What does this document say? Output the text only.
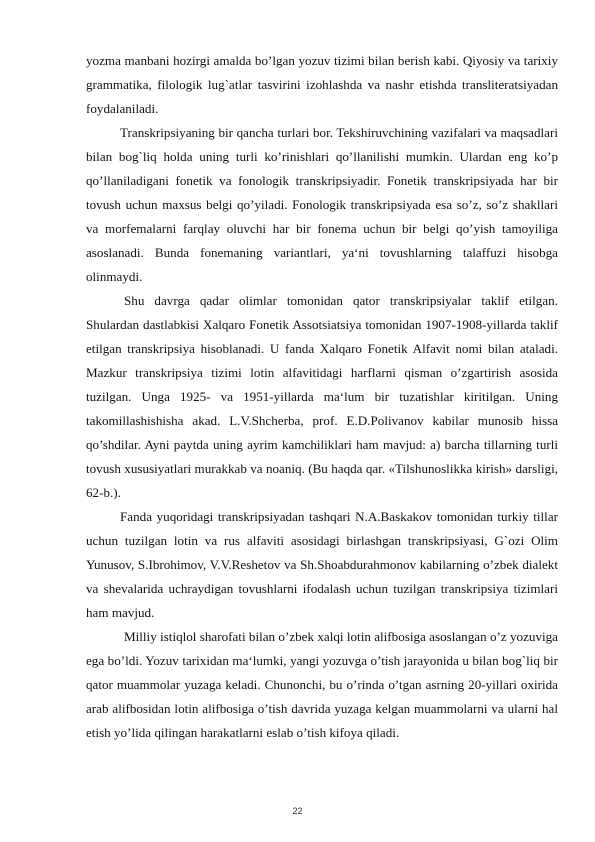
yozma manbani hozirgi amalda bo’lgan yozuv tizimi bilan berish kabi. Qiyosiy va tarixiy grammatika, filologik lug`atlar tasvirini izohlashda va nashr etishda transliteratsiyadan foydalaniladi.

Transkripsiyaning bir qancha turlari bor. Tekshiruvchining vazifalari va maqsadlari bilan bog`liq holda uning turli ko’rinishlari qo’llanilishi mumkin. Ulardan eng ko’p qo’llaniladigani fonetik va fonologik transkripsiyadir. Fonetik transkripsiyada har bir tovush uchun maxsus belgi qo’yiladi. Fonologik transkripsiyada esa so’z, so’z shakllari va morfemalarni farqlay oluvchi har bir fonema uchun bir belgi qo’yish tamoyiliga asoslanadi. Bunda fonemaning variantlari, ya‘ni tovushlarning talaffuzi hisobga olinmaydi.

Shu davrga qadar olimlar tomonidan qator transkripsiyalar taklif etilgan. Shulardan dastlabkisi Xalqaro Fonetik Assotsiatsiya tomonidan 1907-1908-yillarda taklif etilgan transkripsiya hisoblanadi. U fanda Xalqaro Fonetik Alfavit nomi bilan ataladi. Mazkur transkripsiya tizimi lotin alfavitidagi harflarni qisman o’zgartirish asosida tuzilgan. Unga 1925- va 1951-yillarda ma‘lum bir tuzatishlar kiritilgan. Uning takomillashishisha akad. L.V.Shcherba, prof. E.D.Polivanov kabilar munosib hissa qo’shdilar. Ayni paytda uning ayrim kamchiliklari ham mavjud: a) barcha tillarning turli tovush xususiyatlari murakkab va noaniq. (Bu haqda qar. «Tilshunoslikka kirish» darsligi, 62-b.).

Fanda yuqoridagi transkripsiyadan tashqari N.A.Baskakov tomonidan turkiy tillar uchun tuzilgan lotin va rus alfaviti asosidagi birlashgan transkripsiyasi, G`ozi Olim Yunusov, S.Ibrohimov, V.V.Reshetov va Sh.Shoabdurahmonov kabilarning o’zbek dialekt va shevalarida uchraydigan tovushlarni ifodalash uchun tuzilgan transkripsiya tizimlari ham mavjud.

Milliy istiqlol sharofati bilan o’zbek xalqi lotin alifbosiga asoslangan o’z yozuviga ega bo’ldi. Yozuv tarixidan ma‘lumki, yangi yozuvga o’tish jarayonida u bilan bog`liq bir qator muammolar yuzaga keladi. Chunonchi, bu o’rinda o’tgan asrning 20-yillari oxirida arab alifbosidan lotin alifbosiga o’tish davrida yuzaga kelgan muammolarni va ularni hal etish yo’lida qilingan harakatlarni eslab o’tish kifoya qiladi.

22
